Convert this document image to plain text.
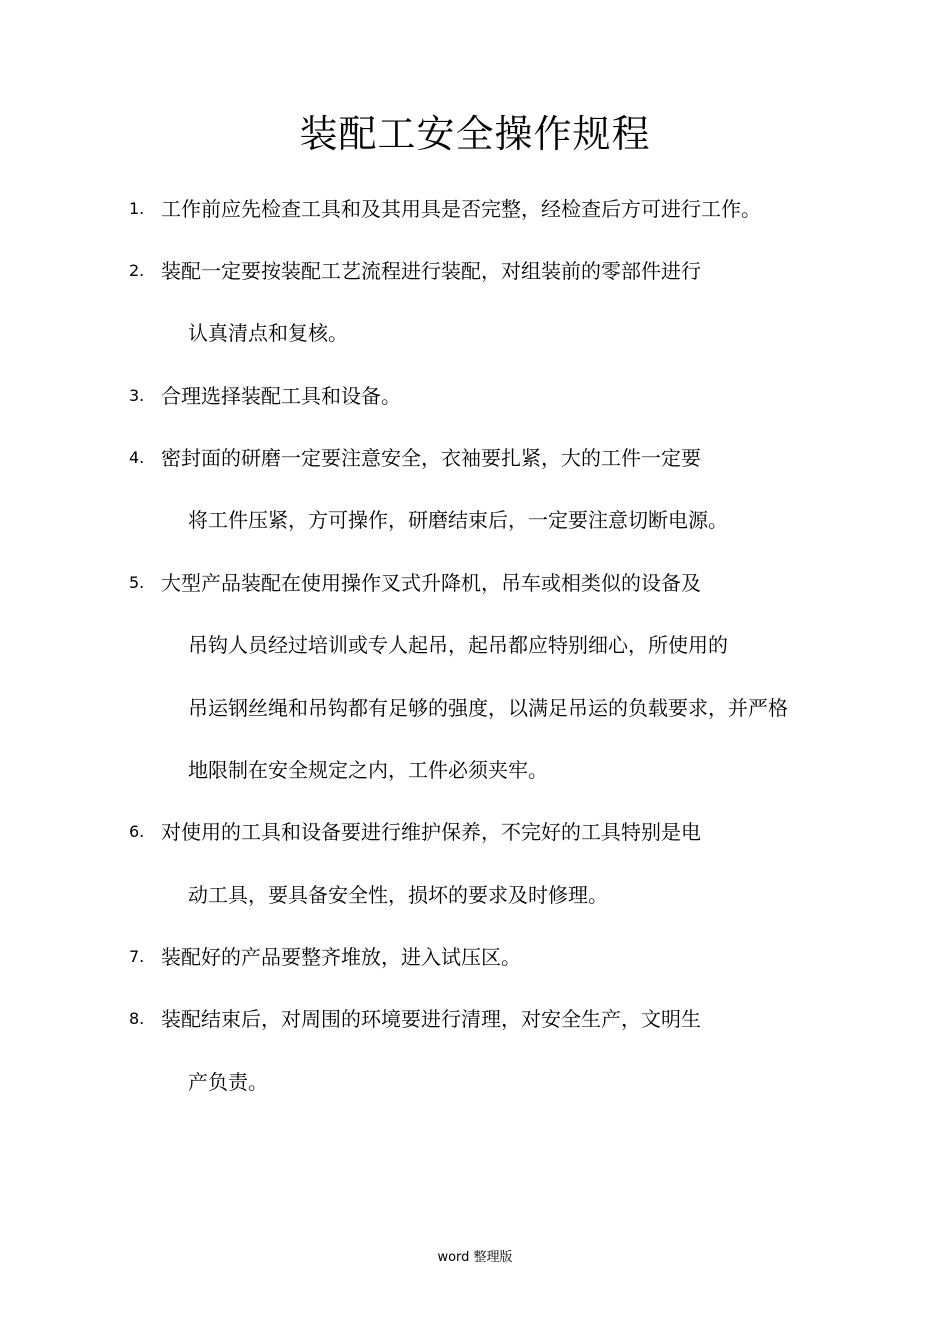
装配工安全操作规程
1. 工作前应先检查工具和及其用具是否完整，经检查后方可进行工作。
2. 装配一定要按装配工艺流程进行装配，对组装前的零部件进行
认真清点和复核。
3. 合理选择装配工具和设备。
4. 密封面的研磨一定要注意安全，衣袖要扎紧，大的工件一定要
将工件压紧，方可操作，研磨结束后，一定要注意切断电源。
5. 大型产品装配在使用操作叉式升降机，吊车或相类似的设备及
吊钩人员经过培训或专人起吊，起吊都应特别细心，所使用的
吊运钢丝绳和吊钩都有足够的强度，以满足吊运的负载要求，并严格
地限制在安全规定之内，工件必须夹牢。
6. 对使用的工具和设备要进行维护保养，不完好的工具特别是电
动工具，要具备安全性，损坏的要求及时修理。
7. 装配好的产品要整齐堆放，进入试压区。
8. 装配结束后，对周围的环境要进行清理，对安全生产，文明生
产负责。
word 整理版
